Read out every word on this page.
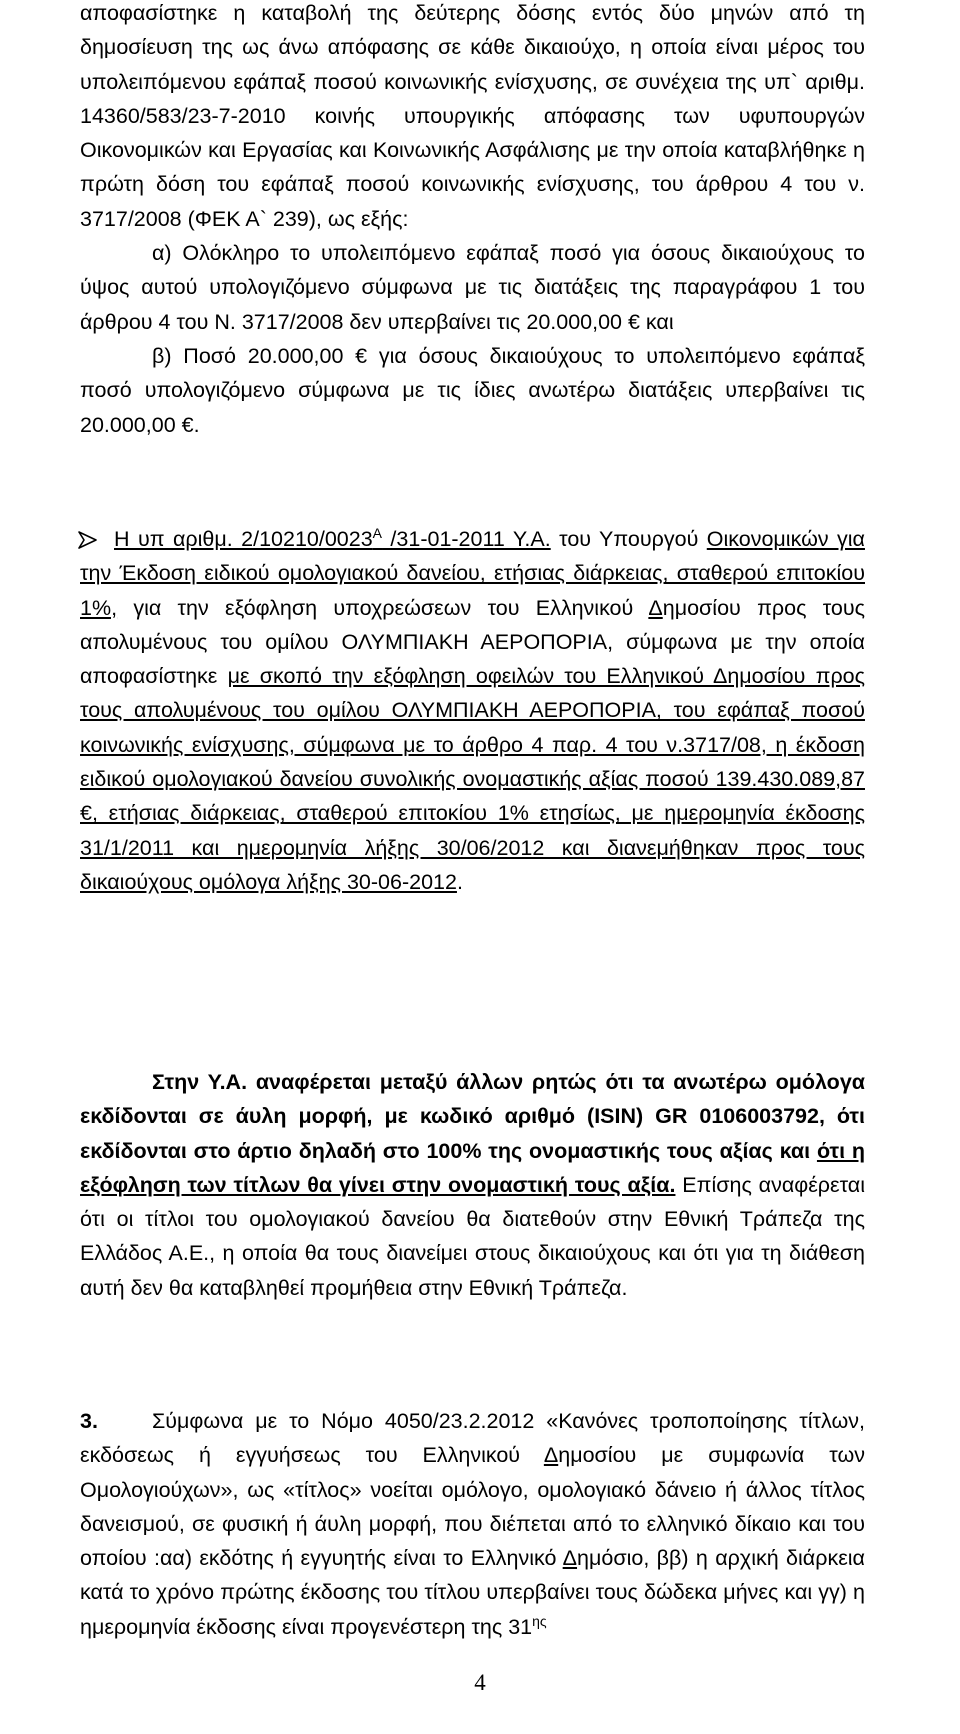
αποφασίστηκε η καταβολή της δεύτερης δόσης εντός δύο μηνών από τη δημοσίευση της ως άνω απόφασης σε κάθε δικαιούχο, η οποία είναι μέρος του υπολειπόμενου εφάπαξ ποσού κοινωνικής ενίσχυσης, σε συνέχεια της υπ` αριθμ. 14360/583/23-7-2010 κοινής υπουργικής απόφασης των υφυπουργών Οικονομικών και Εργασίας και Κοινωνικής Ασφάλισης με την οποία καταβλήθηκε η πρώτη δόση του εφάπαξ ποσού κοινωνικής ενίσχυσης, του άρθρου 4 του ν. 3717/2008 (ΦΕΚ Α` 239), ως εξής:

α) Ολόκληρο το υπολειπόμενο εφάπαξ ποσό για όσους δικαιούχους το ύψος αυτού υπολογιζόμενο σύμφωνα με τις διατάξεις της παραγράφου 1 του άρθρου 4 του Ν. 3717/2008 δεν υπερβαίνει τις 20.000,00 € και

β) Ποσό 20.000,00 € για όσους δικαιούχους το υπολειπόμενο εφάπαξ ποσό υπολογιζόμενο σύμφωνα με τις ίδιες ανωτέρω διατάξεις υπερβαίνει τις 20.000,00 €.

Η υπ αριθμ. $2/10210/0023^A$ /31-01-2011 Υ.Α. του Υπουργού Οικονομικών για την Έκδοση ειδικού ομολογιακού δανείου, ετήσιας διάρκειας, σταθερού επιτοκίου 1%, για την εξόφληση υποχρεώσεων του Ελληνικού Δημοσίου προς τους απολυμένους του ομίλου ΟΛΥΜΠΙΑΚΗ ΑΕΡΟΠΟΡΙΑ, σύμφωνα με την οποία αποφασίστηκε με σκοπό την εξόφληση οφειλών του Ελληνικού Δημοσίου προς τους απολυμένους του ομίλου ΟΛΥΜΠΙΑΚΗ ΑΕΡΟΠΟΡΙΑ, του εφάπαξ ποσού κοινωνικής ενίσχυσης, σύμφωνα με το άρθρο 4 παρ. 4 του ν.3717/08, η έκδοση ειδικού ομολογιακού δανείου συνολικής ονομαστικής αξίας ποσού 139.430.089,87 €, ετήσιας διάρκειας, σταθερού επιτοκίου 1% ετησίως, με ημερομηνία έκδοσης 31/1/2011 και ημερομηνία λήξης 30/06/2012 και διανεμήθηκαν προς τους δικαιούχους ομόλογα λήξης 30-06-2012.

Στην Υ.Α. αναφέρεται μεταξύ άλλων ρητώς ότι τα ανωτέρω ομόλογα εκδίδονται σε άυλη μορφή, με κωδικό αριθμό (ISIN) GR 0106003792, ότι εκδίδονται στο άρτιο δηλαδή στο 100% της ονομαστικής τους αξίας και ότι η εξόφληση των τίτλων θα γίνει στην ονομαστική τους αξία. Επίσης αναφέρεται ότι οι τίτλοι του ομολογιακού δανείου θα διατεθούν στην Εθνική Τράπεζα της Ελλάδος Α.Ε., η οποία θα τους διανείμει στους δικαιούχους και ότι για τη διάθεση αυτή δεν θα καταβληθεί προμήθεια στην Εθνική Τράπεζα.

3.	Σύμφωνα με το Νόμο 4050/23.2.2012 «Κανόνες τροποποίησης τίτλων, εκδόσεως ή εγγυήσεως του Ελληνικού Δημοσίου με συμφωνία των Ομολογιούχων», ως «τίτλος» νοείται ομόλογο, ομολογιακό δάνειο ή άλλος τίτλος δανεισμού, σε φυσική ή άυλη μορφή, που διέπεται από το ελληνικό δίκαιο και του οποίου :αα) εκδότης ή εγγυητής είναι το Ελληνικό Δημόσιο, ββ) η αρχική διάρκεια κατά το χρόνο πρώτης έκδοσης του τίτλου υπερβαίνει τους δώδεκα μήνες και γγ) η ημερομηνία έκδοσης είναι προγενέστερη της $31^{\eta\varsigma}$

4
